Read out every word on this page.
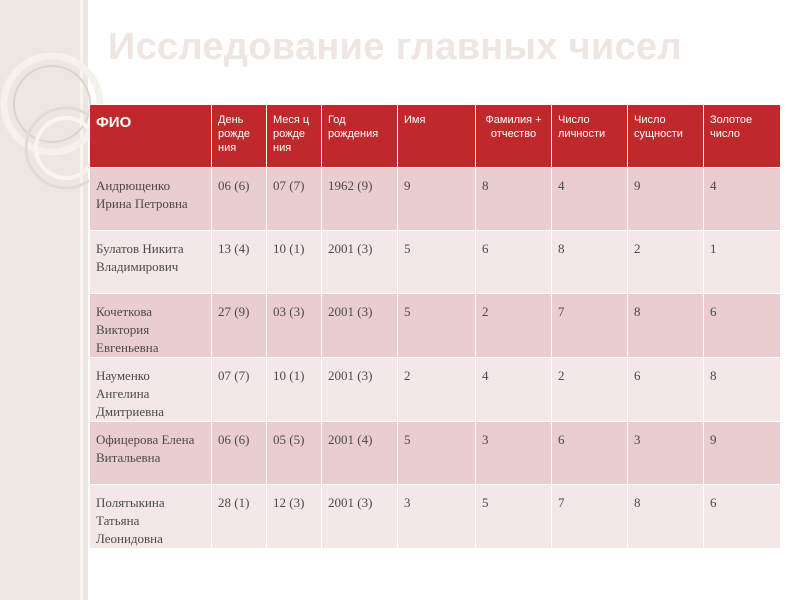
Исследование главных чисел
ФИО	День рожде ния	Меся ц рожде ния	Год рождения	Имя	Фамилия + отчество	Число личности	Число сущности	Золотое число
Андрющенко Ирина Петровна	06 (6)	07 (7)	1962 (9)	9	8	4	9	4
Булатов Никита Владимирович	13 (4)	10 (1)	2001 (3)	5	6	8	2	1
Кочеткова Виктория Евгеньевна	27 (9)	03 (3)	2001 (3)	5	2	7	8	6
Науменко Ангелина Дмитриевна	07 (7)	10 (1)	2001 (3)	2	4	2	6	8
Офицерова Елена Витальевна	06 (6)	05 (5)	2001 (4)	5	3	6	3	9
Полятыкина Татьяна Леонидовна	28 (1)	12 (3)	2001 (3)	3	5	7	8	6
